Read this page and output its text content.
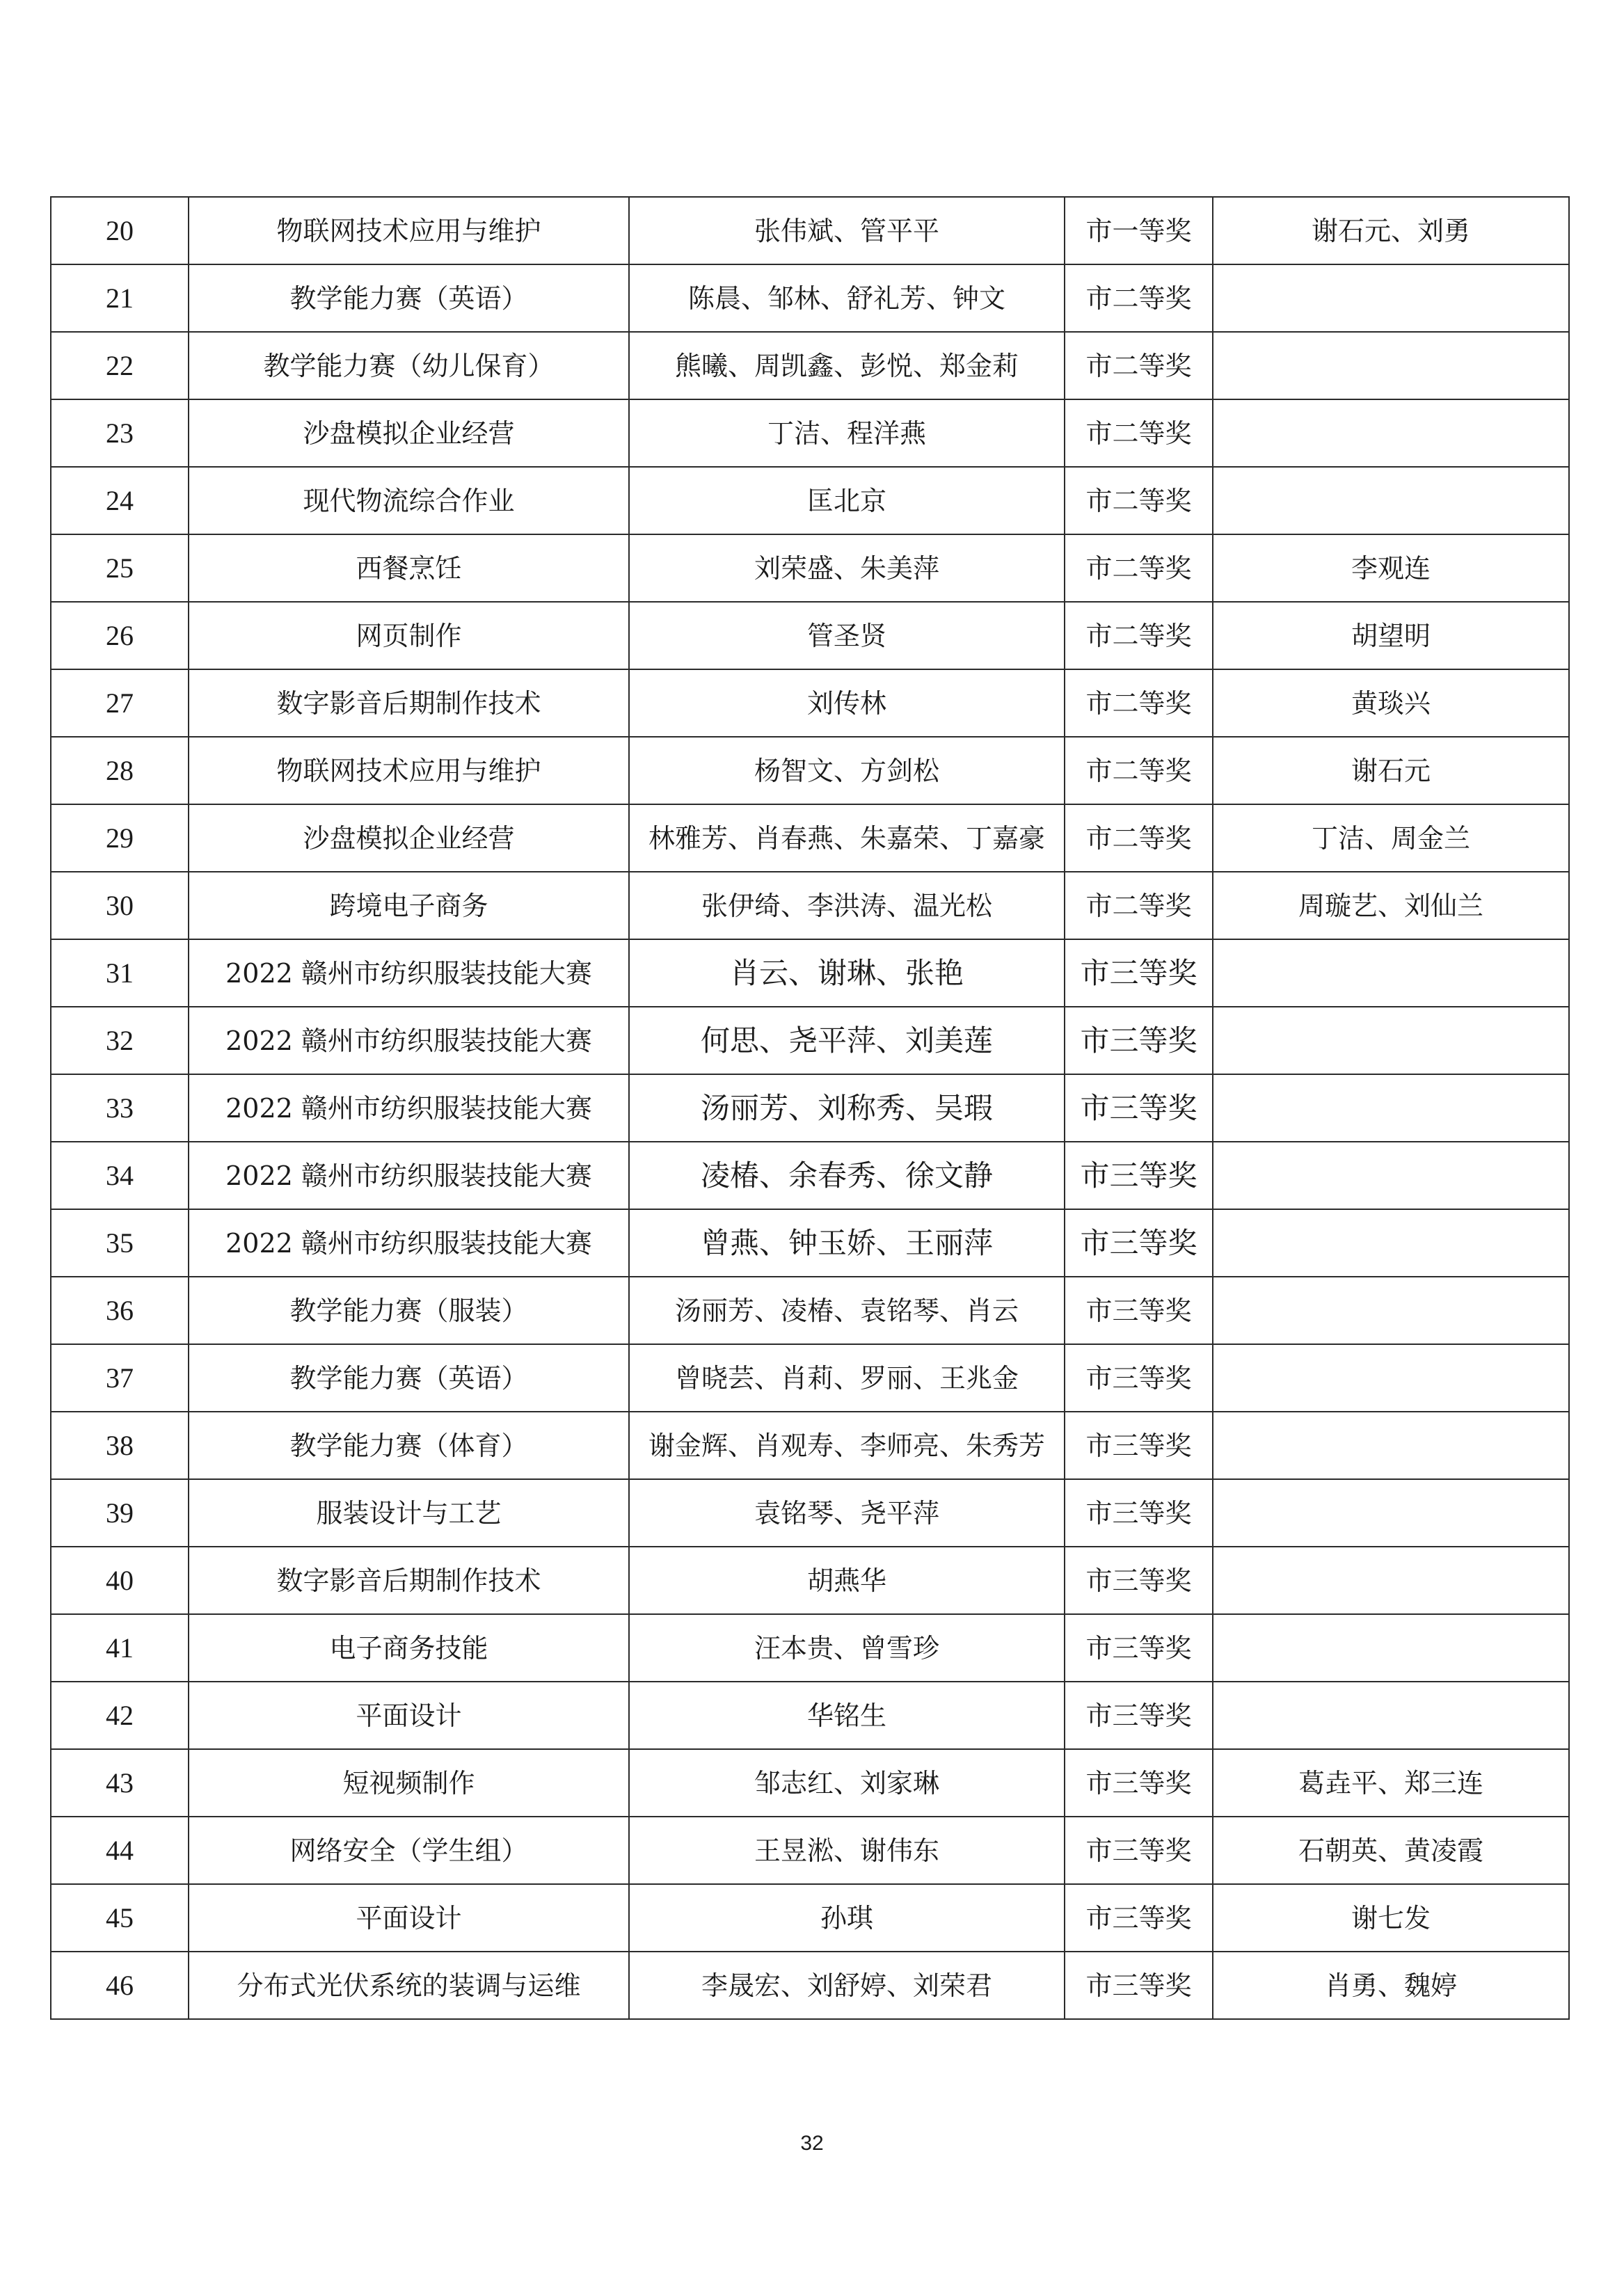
20	物联网技术应用与维护	张伟斌、管平平	市一等奖	谢石元、刘勇
21	教学能力赛（英语）	陈晨、邹林、舒礼芳、钟文	市二等奖	
22	教学能力赛（幼儿保育）	熊曦、周凯鑫、彭悦、郑金莉	市二等奖	
23	沙盘模拟企业经营	丁洁、程洋燕	市二等奖	
24	现代物流综合作业	匡北京	市二等奖	
25	西餐烹饪	刘荣盛、朱美萍	市二等奖	李观连
26	网页制作	管圣贤	市二等奖	胡望明
27	数字影音后期制作技术	刘传林	市二等奖	黄琰兴
28	物联网技术应用与维护	杨智文、方剑松	市二等奖	谢石元
29	沙盘模拟企业经营	林雅芳、肖春燕、朱嘉荣、丁嘉豪	市二等奖	丁洁、周金兰
30	跨境电子商务	张伊绮、李洪涛、温光松	市二等奖	周璇艺、刘仙兰
31	2022 赣州市纺织服装技能大赛	肖云、谢琳、张艳	市三等奖	
32	2022 赣州市纺织服装技能大赛	何思、尧平萍、刘美莲	市三等奖	
33	2022 赣州市纺织服装技能大赛	汤丽芳、刘称秀、吴瑕	市三等奖	
34	2022 赣州市纺织服装技能大赛	凌椿、余春秀、徐文静	市三等奖	
35	2022 赣州市纺织服装技能大赛	曾燕、钟玉娇、王丽萍	市三等奖	
36	教学能力赛（服装）	汤丽芳、凌椿、袁铭琴、肖云	市三等奖	
37	教学能力赛（英语）	曾晓芸、肖莉、罗丽、王兆金	市三等奖	
38	教学能力赛（体育）	谢金辉、肖观寿、李师亮、朱秀芳	市三等奖	
39	服装设计与工艺	袁铭琴、尧平萍	市三等奖	
40	数字影音后期制作技术	胡燕华	市三等奖	
41	电子商务技能	汪本贵、曾雪珍	市三等奖	
42	平面设计	华铭生	市三等奖	
43	短视频制作	邹志红、刘家琳	市三等奖	葛垚平、郑三连
44	网络安全（学生组）	王昱淞、谢伟东	市三等奖	石朝英、黄凌霞
45	平面设计	孙琪	市三等奖	谢七发
46	分布式光伏系统的装调与运维	李晟宏、刘舒婷、刘荣君	市三等奖	肖勇、魏婷
32
